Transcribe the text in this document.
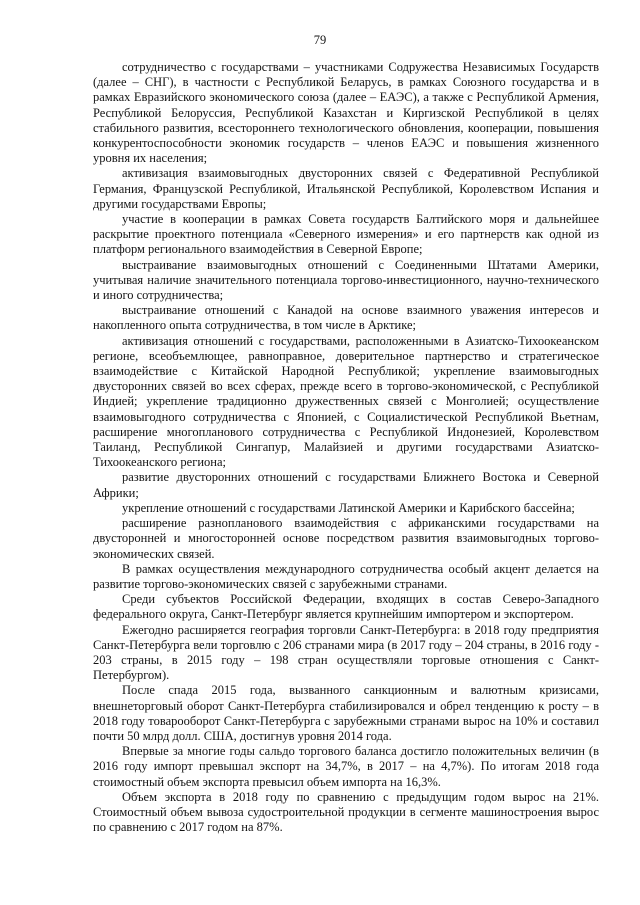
79

сотрудничество с государствами – участниками Содружества Независимых Государств (далее – СНГ), в частности с Республикой Беларусь, в рамках Союзного государства и в рамках Евразийского экономического союза (далее – ЕАЭС), а также с Республикой Армения, Республикой Белоруссия, Республикой Казахстан и Киргизской Республикой в целях стабильного развития, всестороннего технологического обновления, кооперации, повышения конкурентоспособности экономик государств – членов ЕАЭС и повышения жизненного уровня их населения;

активизация взаимовыгодных двусторонних связей с Федеративной Республикой Германия, Французской Республикой, Итальянской Республикой, Королевством Испания и другими государствами Европы;

участие в кооперации в рамках Совета государств Балтийского моря и дальнейшее раскрытие проектного потенциала «Северного измерения» и его партнерств как одной из платформ регионального взаимодействия в Северной Европе;

выстраивание взаимовыгодных отношений с Соединенными Штатами Америки, учитывая наличие значительного потенциала торгово-инвестиционного, научно-технического и иного сотрудничества;

выстраивание отношений с Канадой на основе взаимного уважения интересов и накопленного опыта сотрудничества, в том числе в Арктике;

активизация отношений с государствами, расположенными в Азиатско-Тихоокеанском регионе, всеобъемлющее, равноправное, доверительное партнерство и стратегическое взаимодействие с Китайской Народной Республикой; укрепление взаимовыгодных двусторонних связей во всех сферах, прежде всего в торгово-экономической, с Республикой Индией; укрепление традиционно дружественных связей с Монголией; осуществление взаимовыгодного сотрудничества с Японией, с Социалистической Республикой Вьетнам, расширение многопланового сотрудничества с Республикой Индонезией, Королевством Таиланд, Республикой Сингапур, Малайзией и другими государствами Азиатско-Тихоокеанского региона;

развитие двусторонних отношений с государствами Ближнего Востока и Северной Африки;

укрепление отношений с государствами Латинской Америки и Карибского бассейна;

расширение разнопланового взаимодействия с африканскими государствами на двусторонней и многосторонней основе посредством развития взаимовыгодных торгово-экономических связей.

В рамках осуществления международного сотрудничества особый акцент делается на развитие торгово-экономических связей с зарубежными странами.

Среди субъектов Российской Федерации, входящих в состав Северо-Западного федерального округа, Санкт-Петербург является крупнейшим импортером и экспортером.

Ежегодно расширяется география торговли Санкт-Петербурга: в 2018 году предприятия Санкт-Петербурга вели торговлю с 206 странами мира (в 2017 году – 204 страны, в 2016 году - 203 страны, в 2015 году – 198 стран осуществляли торговые отношения с Санкт-Петербургом).

После спада 2015 года, вызванного санкционным и валютным кризисами, внешнеторговый оборот Санкт-Петербурга стабилизировался и обрел тенденцию к росту – в 2018 году товарооборот Санкт-Петербурга с зарубежными странами вырос на 10% и составил почти 50 млрд долл. США, достигнув уровня 2014 года.

Впервые за многие годы сальдо торгового баланса достигло положительных величин (в 2016 году импорт превышал экспорт на 34,7%, в 2017 – на 4,7%). По итогам 2018 года стоимостный объем экспорта превысил объем импорта на 16,3%.

Объем экспорта в 2018 году по сравнению с предыдущим годом вырос на 21%. Стоимостный объем вывоза судостроительной продукции в сегменте машиностроения вырос по сравнению с 2017 годом на 87%.
